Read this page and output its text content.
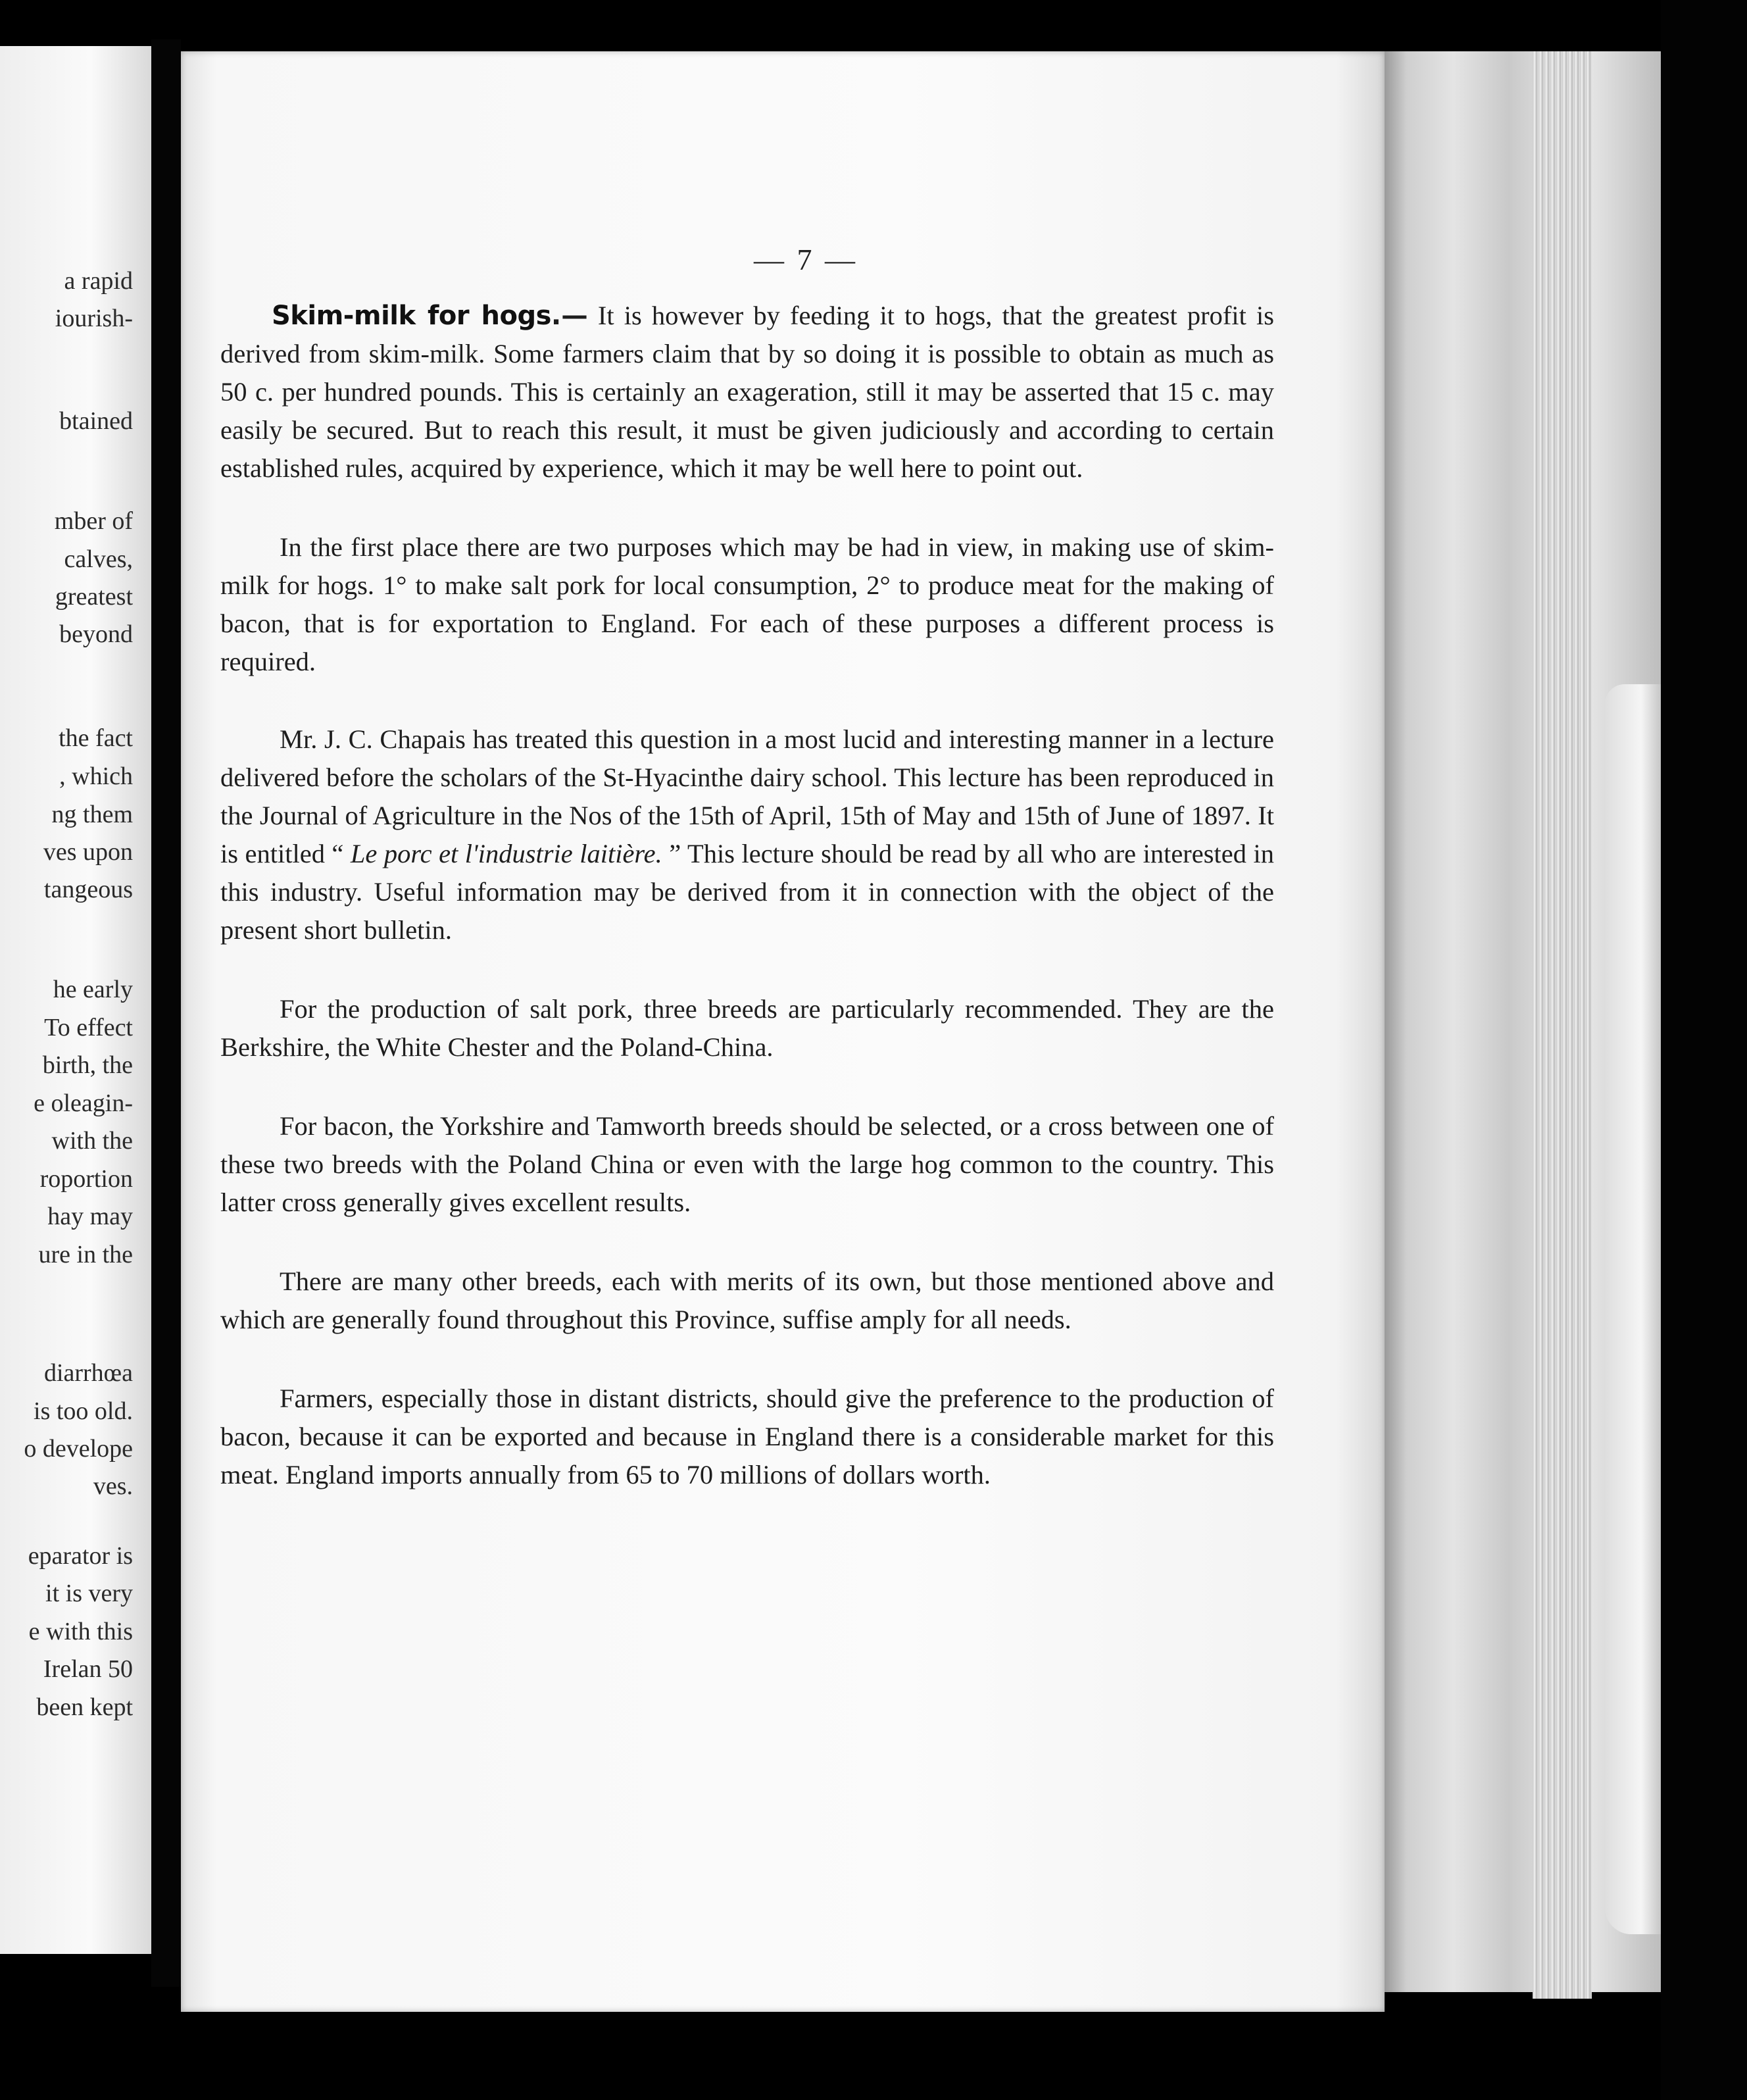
a rapid
iourish-
btained
mber of
calves,
greatest
beyond
the fact
, which
ng them
ves upon
tangeous
he early
To effect
birth, the
e oleagin-
with the
roportion
hay may
ure in the
diarrhœa
is too old.
o develope
ves.
eparator is
it is very
e with this
Irelan 50
been kept
— 7 —

Skim-milk for hogs.— It is however by feeding it to hogs, that the greatest profit is derived from skim-milk. Some farmers claim that by so doing it is possible to obtain as much as 50 c. per hundred pounds. This is certainly an exageration, still it may be asserted that 15 c. may easily be secured. But to reach this result, it must be given judiciously and according to certain established rules, acquired by experience, which it may be well here to point out.

In the first place there are two purposes which may be had in view, in making use of skim-milk for hogs. 1° to make salt pork for local consumption, 2° to produce meat for the making of bacon, that is for exportation to England. For each of these purposes a different process is required.

Mr. J. C. Chapais has treated this question in a most lucid and interesting manner in a lecture delivered before the scholars of the St-Hyacinthe dairy school. This lecture has been reproduced in the Journal of Agriculture in the Nos of the 15th of April, 15th of May and 15th of June of 1897. It is entitled “ Le porc et l'industrie laitière. ” This lecture should be read by all who are interested in this industry. Useful information may be derived from it in connection with the object of the present short bulletin.

For the production of salt pork, three breeds are particularly recommended. They are the Berkshire, the White Chester and the Poland-China.

For bacon, the Yorkshire and Tamworth breeds should be selected, or a cross between one of these two breeds with the Poland China or even with the large hog common to the country. This latter cross generally gives excellent results.

There are many other breeds, each with merits of its own, but those mentioned above and which are generally found throughout this Province, suffise amply for all needs.

Farmers, especially those in distant districts, should give the preference to the production of bacon, because it can be exported and because in England there is a considerable market for this meat. England imports annually from 65 to 70 millions of dollars worth.
